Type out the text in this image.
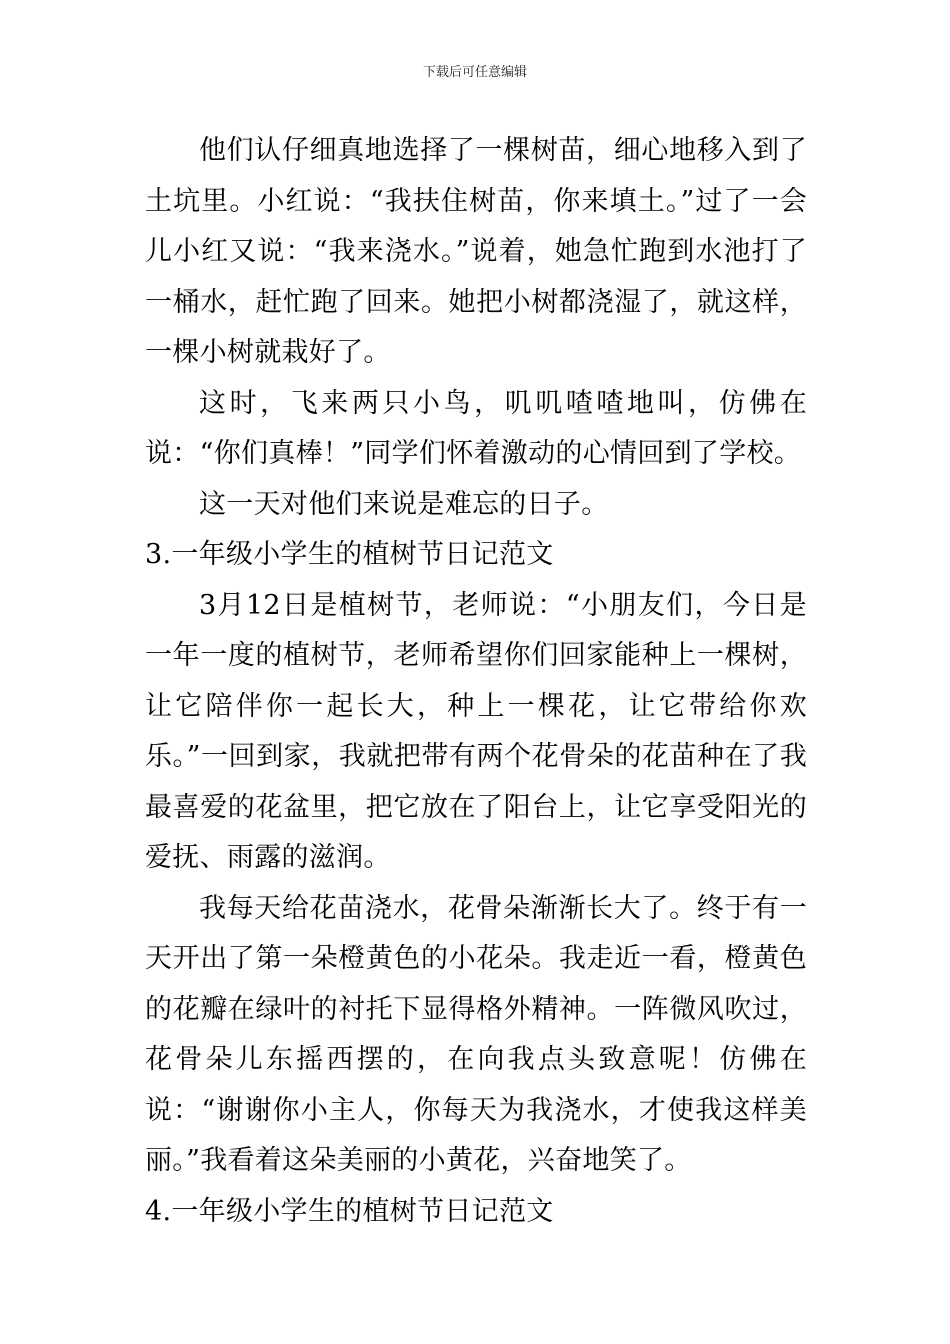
下载后可任意编辑

他们认仔细真地选择了一棵树苗，细心地移入到了土坑里。小红说：“我扶住树苗，你来填土。”过了一会儿小红又说：“我来浇水。”说着，她急忙跑到水池打了一桶水，赶忙跑了回来。她把小树都浇湿了，就这样，一棵小树就栽好了。

这时，飞来两只小鸟，叽叽喳喳地叫，仿佛在说：“你们真棒！”同学们怀着激动的心情回到了学校。

这一天对他们来说是难忘的日子。

3.一年级小学生的植树节日记范文

3月12日是植树节，老师说：“小朋友们，今日是一年一度的植树节，老师希望你们回家能种上一棵树，让它陪伴你一起长大，种上一棵花，让它带给你欢乐。”一回到家，我就把带有两个花骨朵的花苗种在了我最喜爱的花盆里，把它放在了阳台上，让它享受阳光的爱抚、雨露的滋润。

我每天给花苗浇水，花骨朵渐渐长大了。终于有一天开出了第一朵橙黄色的小花朵。我走近一看，橙黄色的花瓣在绿叶的衬托下显得格外精神。一阵微风吹过，花骨朵儿东摇西摆的，在向我点头致意呢！仿佛在说：“谢谢你小主人，你每天为我浇水，才使我这样美丽。”我看着这朵美丽的小黄花，兴奋地笑了。

4.一年级小学生的植树节日记范文
